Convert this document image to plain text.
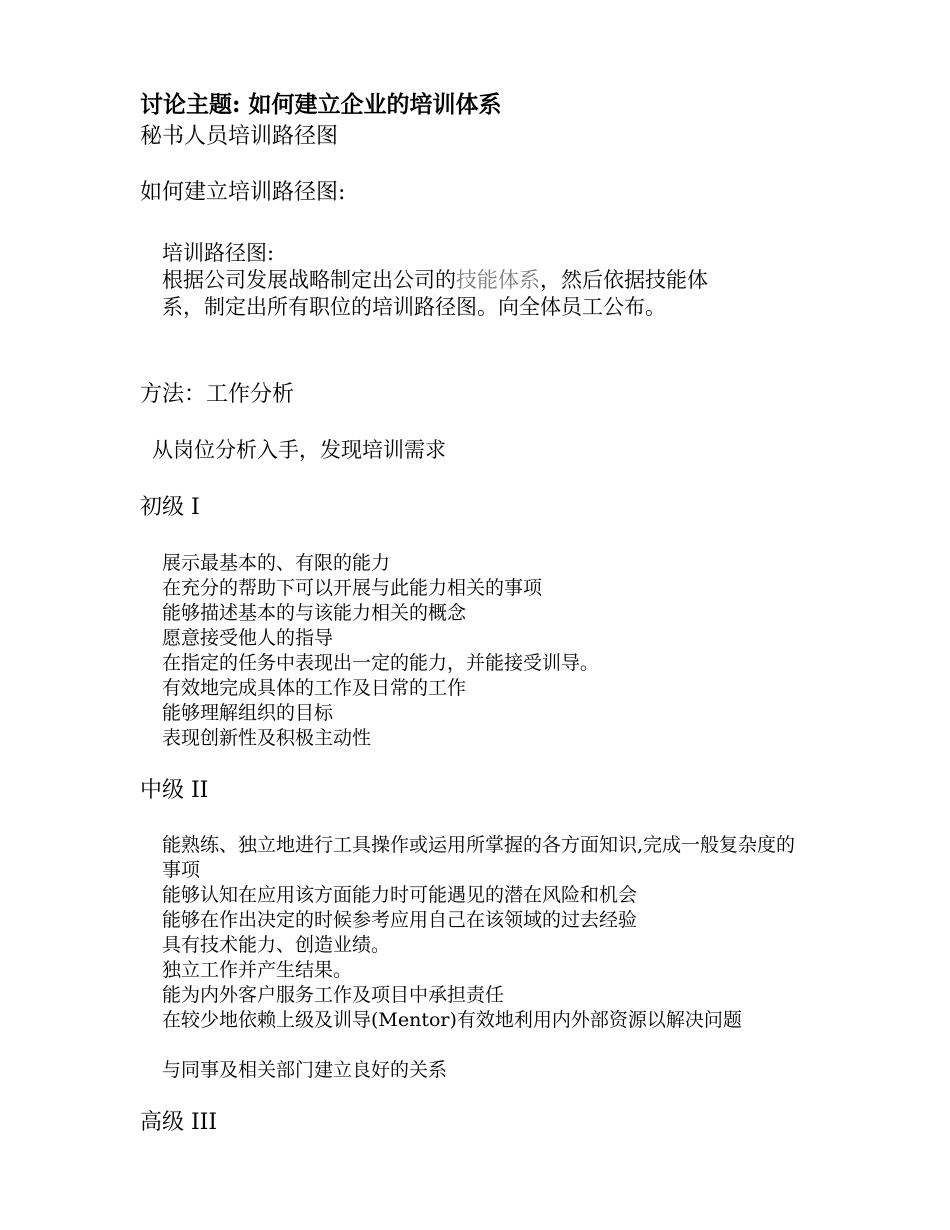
讨论主题: 如何建立企业的培训体系
秘书人员培训路径图
如何建立培训路径图:
培训路径图:
根据公司发展战略制定出公司的技能体系，然后依据技能体
系，制定出所有职位的培训路径图。向全体员工公布。
方法：工作分析
从岗位分析入手，发现培训需求
初级 I
展示最基本的、有限的能力
在充分的帮助下可以开展与此能力相关的事项
能够描述基本的与该能力相关的概念
愿意接受他人的指导
在指定的任务中表现出一定的能力，并能接受训导。
有效地完成具体的工作及日常的工作
能够理解组织的目标
表现创新性及积极主动性
中级 II
能熟练、独立地进行工具操作或运用所掌握的各方面知识,完成一般复杂度的事项
能够认知在应用该方面能力时可能遇见的潜在风险和机会
能够在作出决定的时候参考应用自己在该领域的过去经验
具有技术能力、创造业绩。
独立工作并产生结果。
能为内外客户服务工作及项目中承担责任
在较少地依赖上级及训导(Mentor)有效地利用内外部资源以解决问题
与同事及相关部门建立良好的关系
高级 III
